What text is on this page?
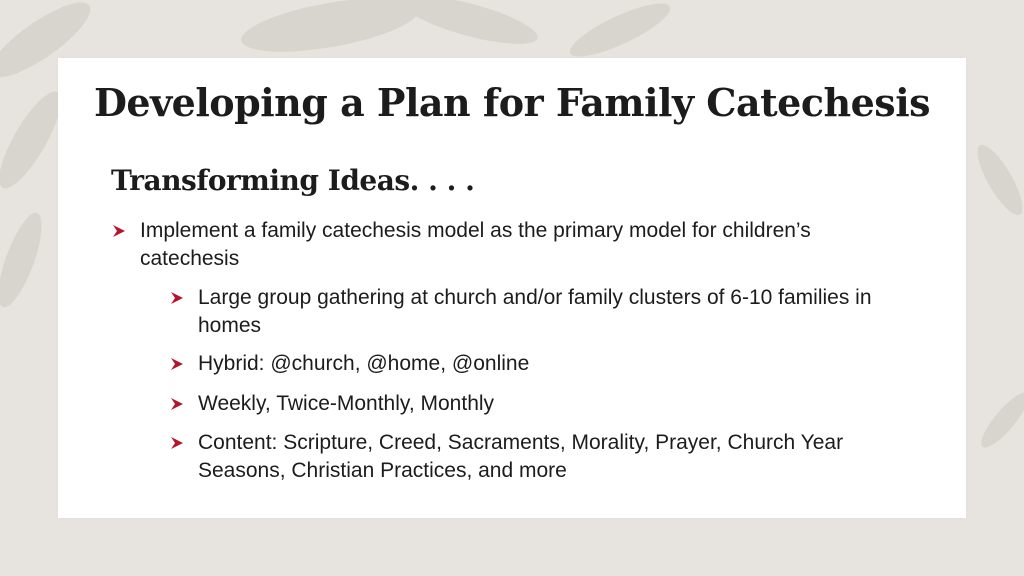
Developing a Plan for Family Catechesis
Transforming Ideas. . . .
Implement a family catechesis model as the primary model for children’s catechesis
Large group gathering at church and/or family clusters of 6-10 families in homes
Hybrid: @church, @home, @online
Weekly, Twice-Monthly, Monthly
Content: Scripture, Creed, Sacraments, Morality, Prayer, Church Year Seasons, Christian Practices, and more
